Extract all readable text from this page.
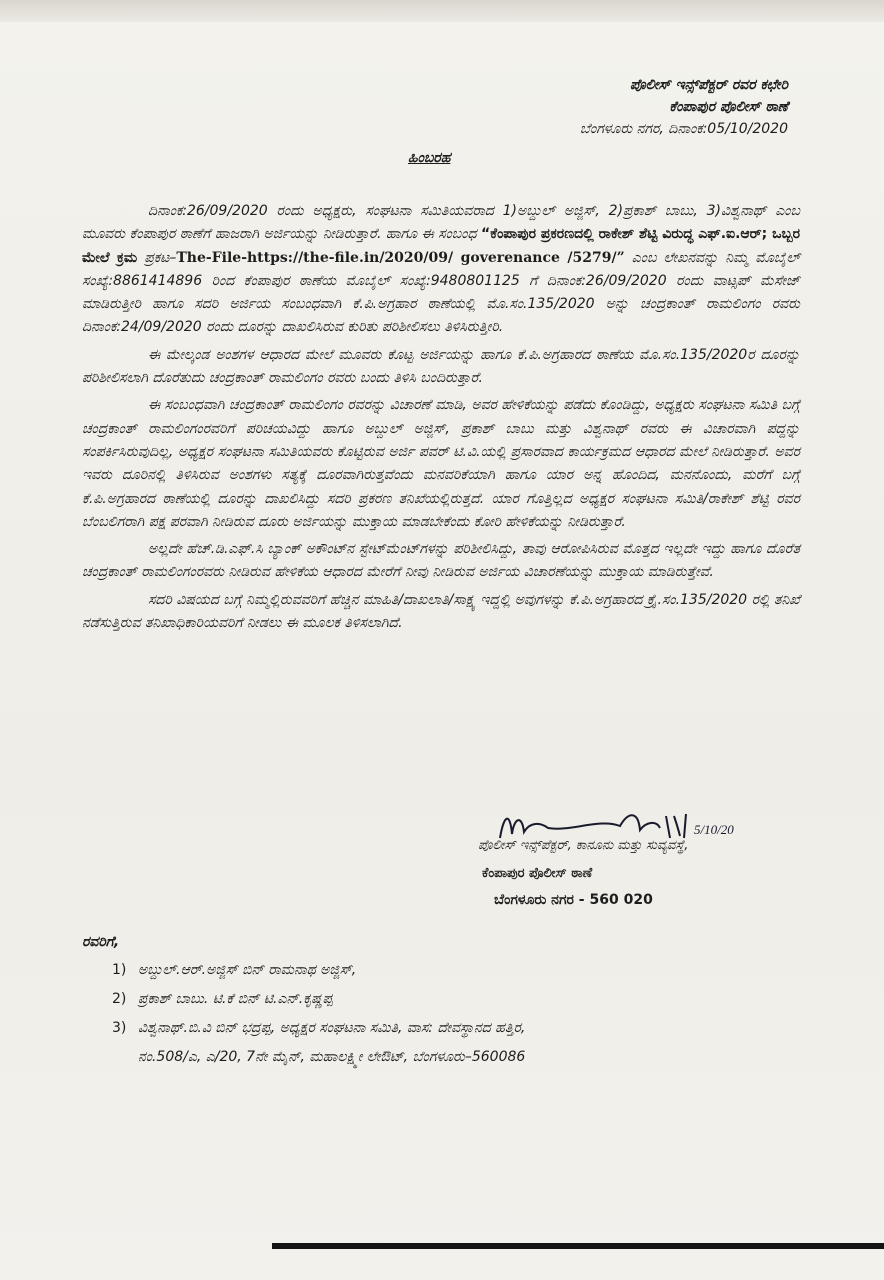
ಪೊಲೀಸ್ ಇನ್ಸ್‌ಪೆಕ್ಟರ್ ರವರ ಕಛೇರಿ
ಕೆಂಪಾಪುರ ಪೊಲೀಸ್ ಠಾಣೆ
ಬೆಂಗಳೂರು ನಗರ, ದಿನಾಂಕ:05/10/2020
ಹಿಂಬರಹ

ದಿನಾಂಕ:26/09/2020 ರಂದು ಅಧ್ಯಕ್ಷರು, ಸಂಘಟನಾ ಸಮಿತಿಯವರಾದ 1)ಅಬ್ದುಲ್ ಅಜ್ಜಿಸ್, 2)ಪ್ರಕಾಶ್ ಬಾಬು, 3)ವಿಶ್ವನಾಥ್ ಎಂಬ ಮೂವರು ಕೆಂಪಾಪುರ ಠಾಣೆಗೆ ಹಾಜರಾಗಿ ಅರ್ಜಿಯನ್ನು ನೀಡಿರುತ್ತಾರೆ. ಹಾಗೂ ಈ ಸಂಬಂಧ “ಕೆಂಪಾಪುರ ಪ್ರಕರಣದಲ್ಲಿ ರಾಕೇಶ್ ಶೆಟ್ಟಿ ವಿರುದ್ಧ ಎಫ್.ಐ.ಆರ್; ಒಬ್ಬರ ಮೇಲೆ ಕ್ರಮ ಪ್ರಕಟ–The-File-https://the-file.in/2020/09/ goverenance /5279/” ಎಂಬ ಲೇಖನವನ್ನು ನಿಮ್ಮ ಮೊಬೈಲ್ ಸಂಖ್ಯೆ:8861414896 ರಿಂದ ಕೆಂಪಾಪುರ ಠಾಣೆಯ ಮೊಬೈಲ್ ಸಂಖ್ಯೆ:9480801125 ಗೆ ದಿನಾಂಕ:26/09/2020 ರಂದು ವಾಟ್ಸಪ್ ಮೆಸೇಜ್ ಮಾಡಿರುತ್ತೀರಿ ಹಾಗೂ ಸದರಿ ಅರ್ಜಿಯ ಸಂಬಂಧವಾಗಿ ಕೆ.ಪಿ.ಅಗ್ರಹಾರ ಠಾಣೆಯಲ್ಲಿ ಮೊ.ಸಂ.135/2020 ಅನ್ನು ಚಂದ್ರಕಾಂತ್ ರಾಮಲಿಂಗಂ ರವರು ದಿನಾಂಕ:24/09/2020 ರಂದು ದೂರನ್ನು ದಾಖಲಿಸಿರುವ ಕುರಿತು ಪರಿಶೀಲಿಸಲು ತಿಳಿಸಿರುತ್ತೀರಿ.

ಈ ಮೇಲ್ಕಂಡ ಅಂಶಗಳ ಆಧಾರದ ಮೇಲೆ ಮೂವರು ಕೊಟ್ಟ ಅರ್ಜಿಯನ್ನು ಹಾಗೂ ಕೆ.ಪಿ.ಅಗ್ರಹಾರದ ಠಾಣೆಯ ಮೊ.ಸಂ.135/2020ರ ದೂರನ್ನು ಪರಿಶೀಲಿಸಲಾಗಿ ದೊರೆತುದು ಚಂದ್ರಕಾಂತ್ ರಾಮಲಿಂಗಂ ರವರು ಬಂದು ತಿಳಿಸಿ ಬಂದಿರುತ್ತಾರೆ.

ಈ ಸಂಬಂಧವಾಗಿ ಚಂದ್ರಕಾಂತ್ ರಾಮಲಿಂಗಂ ರವರನ್ನು ವಿಚಾರಣೆ ಮಾಡಿ, ಅವರ ಹೇಳಿಕೆಯನ್ನು ಪಡೆದು ಕೊಂಡಿದ್ದು, ಅಧ್ಯಕ್ಷರು ಸಂಘಟನಾ ಸಮಿತಿ ಬಗ್ಗೆ ಚಂದ್ರಕಾಂತ್ ರಾಮಲಿಂಗಂರವರಿಗೆ ಪರಿಚಯವಿದ್ದು ಹಾಗೂ ಅಬ್ದುಲ್ ಅಜ್ಜಿಸ್, ಪ್ರಕಾಶ್ ಬಾಬು ಮತ್ತು ವಿಶ್ವನಾಥ್ ರವರು ಈ ವಿಚಾರವಾಗಿ ಪದ್ದನ್ನು ಸಂಪರ್ಕಿಸಿರುವುದಿಲ್ಲ, ಅಧ್ಯಕ್ಷರ ಸಂಘಟನಾ ಸಮಿತಿಯವರು ಕೊಟ್ಟಿರುವ ಅರ್ಜಿ ಪವರ್ ಟಿ.ವಿ.ಯಲ್ಲಿ ಪ್ರಸಾರವಾದ ಕಾರ್ಯಕ್ರಮದ ಆಧಾರದ ಮೇಲೆ ನೀಡಿರುತ್ತಾರೆ. ಅವರ ಇವರು ದೂರಿನಲ್ಲಿ ತಿಳಿಸಿರುವ ಅಂಶಗಳು ಸತ್ಯಕ್ಕೆ ದೂರವಾಗಿರುತ್ತವೆಂದು ಮನವರಿಕೆಯಾಗಿ ಹಾಗೂ ಯಾರ ಅನ್ನ ಹೊಂದಿದ, ಮನನೊಂದು, ಮರೆಗೆ ಬಗ್ಗೆ ಕೆ.ಪಿ.ಅಗ್ರಹಾರದ ಠಾಣೆಯಲ್ಲಿ ದೂರನ್ನು ದಾಖಲಿಸಿದ್ದು ಸದರಿ ಪ್ರಕರಣ ತನಿಖೆಯಲ್ಲಿರುತ್ತದೆ. ಯಾರ ಗೊತ್ತಿಲ್ಲದ ಅಧ್ಯಕ್ಷರ ಸಂಘಟನಾ ಸಮಿತಿ/ರಾಕೇಶ್ ಶೆಟ್ಟಿ ರವರ ಬೆಂಬಲಿಗರಾಗಿ ಪಕ್ಷ ಪರವಾಗಿ ನೀಡಿರುವ ದೂರು ಅರ್ಜಿಯನ್ನು ಮುಕ್ತಾಯ ಮಾಡಬೇಕೆಂದು ಕೋರಿ ಹೇಳಿಕೆಯನ್ನು ನೀಡಿರುತ್ತಾರೆ.

ಅಲ್ಲದೇ ಹೆಚ್.ಡಿ.ಎಫ್.ಸಿ ಬ್ಯಾಂಕ್ ಅಕೌಂಟ್‌ನ ಸ್ಟೇಟ್‌ಮೆಂಟ್‌ಗಳನ್ನು ಪರಿಶೀಲಿಸಿದ್ದು, ತಾವು ಆರೋಪಿಸಿರುವ ಮೊತ್ತದ ಇಲ್ಲದೇ ಇದ್ದು ಹಾಗೂ ದೊರೆತ ಚಂದ್ರಕಾಂತ್ ರಾಮಲಿಂಗಂರವರು ನೀಡಿರುವ ಹೇಳಿಕೆಯ ಆಧಾರದ ಮೇರೆಗೆ ನೀವು ನೀಡಿರುವ ಅರ್ಜಿಯ ವಿಚಾರಣೆಯನ್ನು ಮುಕ್ತಾಯ ಮಾಡಿರುತ್ತೇವೆ.

ಸದರಿ ವಿಷಯದ ಬಗ್ಗೆ ನಿಮ್ಮಲ್ಲಿರುವವರಿಗೆ ಹೆಚ್ಚಿನ ಮಾಹಿತಿ/ದಾಖಲಾತಿ/ಸಾಕ್ಷ್ಯ ಇದ್ದಲ್ಲಿ ಅವುಗಳನ್ನು ಕೆ.ಪಿ.ಅಗ್ರಹಾರದ ಕ್ರೈ.ಸಂ.135/2020 ರಲ್ಲಿ ತನಿಖೆ ನಡೆಸುತ್ತಿರುವ ತನಿಖಾಧಿಕಾರಿಯವರಿಗೆ ನೀಡಲು ಈ ಮೂಲಕ ತಿಳಿಸಲಾಗಿದೆ.

5/10/20
ಪೊಲೀಸ್ ಇನ್ಸ್‌ಪೆಕ್ಟರ್, ಕಾನೂನು ಮತ್ತು ಸುವ್ಯವಸ್ಥೆ,
ಕೆಂಪಾಪುರ ಪೊಲೀಸ್ ಠಾಣೆ
ಬೆಂಗಳೂರು ನಗರ - 560 020
ರವರಿಗೆ,
1) ಅಬ್ದುಲ್.ಆರ್.ಅಜ್ಜಿಸ್ ಬಿನ್ ರಾಮನಾಥ ಅಜ್ಜಿಸ್,
2) ಪ್ರಕಾಶ್ ಬಾಬು. ಟಿ.ಕೆ ಬಿನ್ ಟಿ.ಎನ್.ಕೃಷ್ಣಪ್ಪ
3) ವಿಶ್ವನಾಥ್.ಬಿ.ವಿ ಬಿನ್ ಭದ್ರಪ್ಪ, ಅಧ್ಯಕ್ಷರ ಸಂಘಟನಾ ಸಮಿತಿ, ವಾಸ: ದೇವಸ್ಥಾನದ ಹತ್ತಿರ,
ನಂ.508/ಎ, ಎ/20, 7ನೇ ಮೈನ್, ಮಹಾಲಕ್ಷ್ಮೀ ಲೇಔಟ್, ಬೆಂಗಳೂರು–560086
